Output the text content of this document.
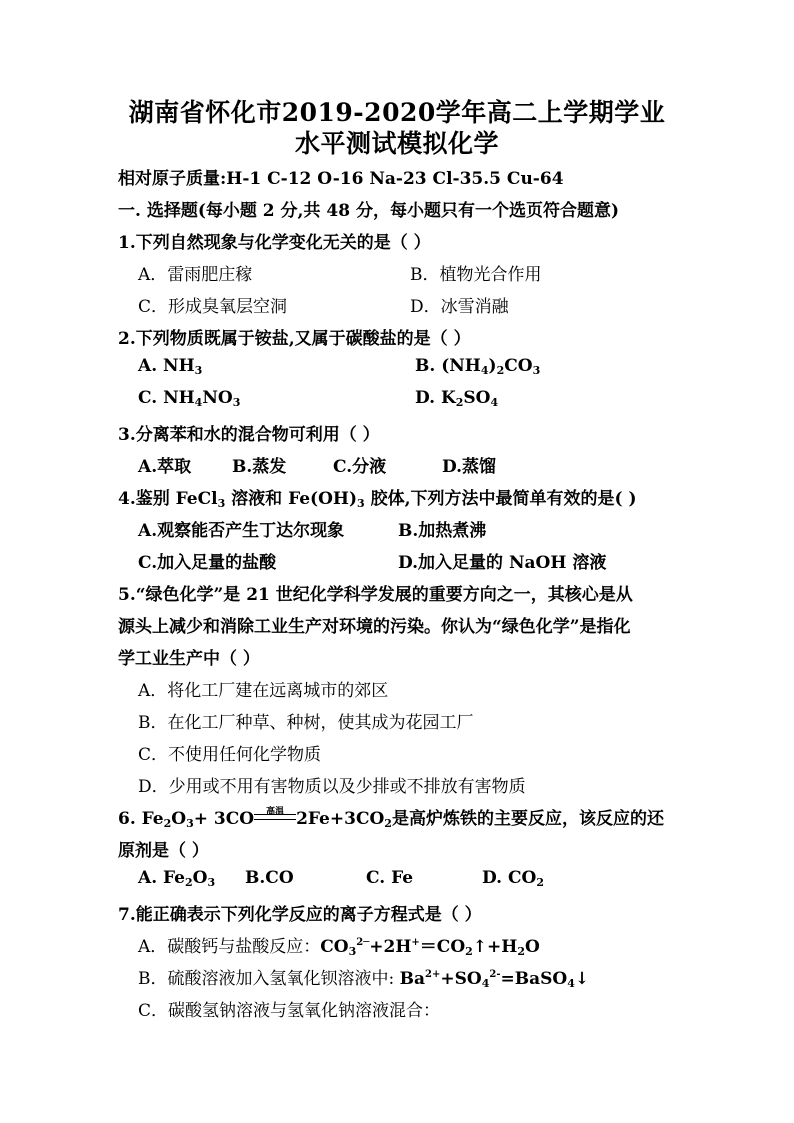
湖南省怀化市2019-2020学年高二上学期学业
水平测试模拟化学
相对原子质量:H-1 C-12 O-16 Na-23 Cl-35.5 Cu-64
一. 选择题(每小题 2 分,共 48 分，每小题只有一个选页符合题意)
1.下列自然现象与化学变化无关的是（ ）
A．雷雨肥庄稼	B．植物光合作用
C．形成臭氧层空洞	D．冰雪消融
2.下列物质既属于铵盐,又属于碳酸盐的是（ ）
A. $NH_3$	B. $(NH_4)_2CO_3$
C. $NH_4NO_3$	D. $K_2SO_4$
3.分离苯和水的混合物可利用（ ）
A.萃取 B.蒸发	C.分液	D.蒸馏
4.鉴别 FeCl$_3$ 溶液和 $Fe(OH)_3$ 胶体,下列方法中最简单有效的是( )
A.观察能否产生丁达尔现象	B.加热煮沸
C.加入足量的盐酸	D.加入足量的 NaOH 溶液
5.“绿色化学”是 21 世纪化学科学发展的重要方向之一，其核心是从
源头上减少和消除工业生产对环境的污染。你认为“绿色化学”是指化
学工业生产中（ ）
A．将化工厂建在远离城市的郊区
B．在化工厂种草、种树，使其成为花园工厂
C．不使用任何化学物质
D．少用或不用有害物质以及少排或不排放有害物质
6. $Fe_2O_3+ 3CO$	高温 $2Fe+3CO_2$是高炉炼铁的主要反应，该反应的还
原剂是（ ）
A. $Fe_2O_3$ B.CO	C. Fe	D. $CO_2$
7.能正确表示下列化学反应的离子方程式是（ ）
A．碳酸钙与盐酸反应：$CO_3^{2─}+2H^+=CO_2↑+H_2O$
B．硫酸溶液加入氢氧化钡溶液中: $Ba^{2+}+SO_4^{2-}=BaSO_4↓$
C．碳酸氢钠溶液与氢氧化钠溶液混合：
